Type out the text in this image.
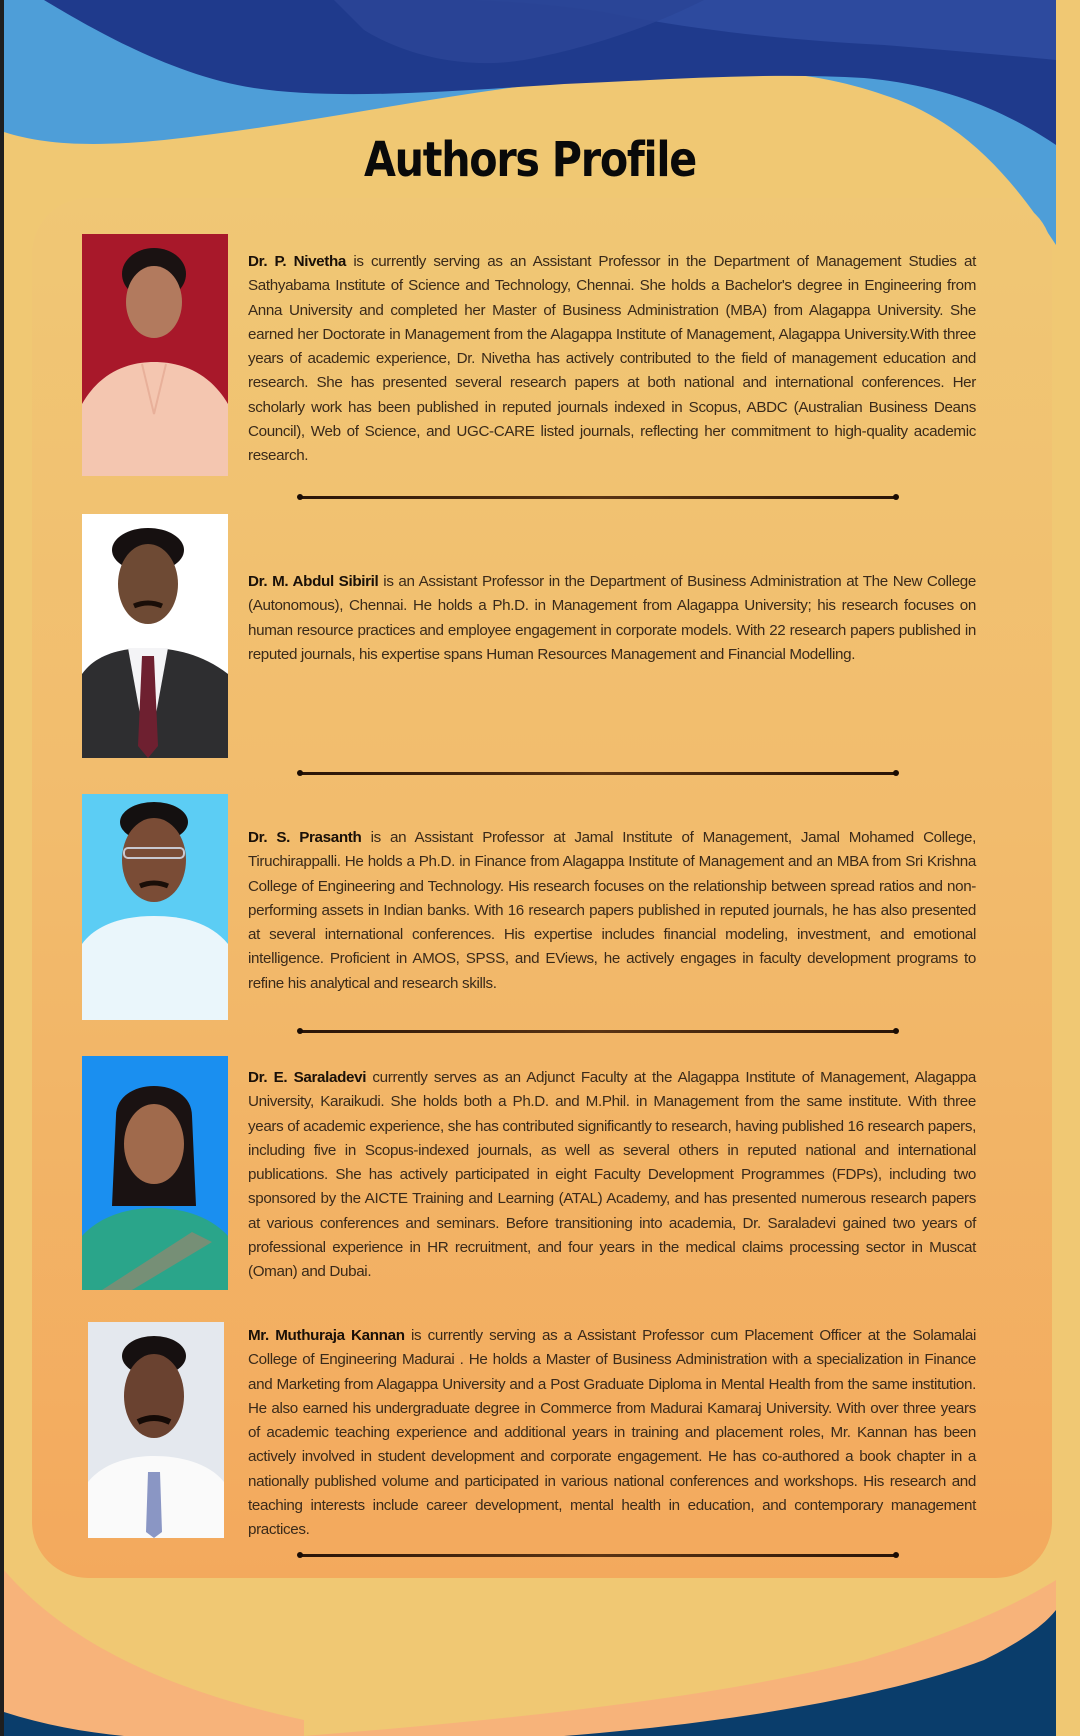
Authors Profile

Dr. P. Nivetha is currently serving as an Assistant Professor in the Department of Management Studies at Sathyabama Institute of Science and Technology, Chennai. She holds a Bachelor's degree in Engineering from Anna University and completed her Master of Business Administration (MBA) from Alagappa University. She earned her Doctorate in Management from the Alagappa Institute of Management, Alagappa University.With three years of academic experience, Dr. Nivetha has actively contributed to the field of management education and research. She has presented several research papers at both national and international conferences. Her scholarly work has been published in reputed journals indexed in Scopus, ABDC (Australian Business Deans Council), Web of Science, and UGC-CARE listed journals, reflecting her commitment to high-quality academic research.

Dr. M. Abdul Sibiril is an Assistant Professor in the Department of Business Administration at The New College (Autonomous), Chennai. He holds a Ph.D. in Management from Alagappa University; his research focuses on human resource practices and employee engagement in corporate models. With 22 research papers published in reputed journals, his expertise spans Human Resources Management and Financial Modelling.

Dr. S. Prasanth is an Assistant Professor at Jamal Institute of Management, Jamal Mohamed College, Tiruchirappalli. He holds a Ph.D. in Finance from Alagappa Institute of Management and an MBA from Sri Krishna College of Engineering and Technology. His research focuses on the relationship between spread ratios and non-performing assets in Indian banks. With 16 research papers published in reputed journals, he has also presented at several international conferences. His expertise includes financial modeling, investment, and emotional intelligence. Proficient in AMOS, SPSS, and EViews, he actively engages in faculty development programs to refine his analytical and research skills.

Dr. E. Saraladevi currently serves as an Adjunct Faculty at the Alagappa Institute of Management, Alagappa University, Karaikudi. She holds both a Ph.D. and M.Phil. in Management from the same institute. With three years of academic experience, she has contributed significantly to research, having published 16 research papers, including five in Scopus-indexed journals, as well as several others in reputed national and international publications. She has actively participated in eight Faculty Development Programmes (FDPs), including two sponsored by the AICTE Training and Learning (ATAL) Academy, and has presented numerous research papers at various conferences and seminars. Before transitioning into academia, Dr. Saraladevi gained two years of professional experience in HR recruitment, and four years in the medical claims processing sector in Muscat (Oman) and Dubai.

Mr. Muthuraja Kannan is currently serving as a Assistant Professor cum Placement Officer at the Solamalai College of Engineering Madurai . He holds a Master of Business Administration with a specialization in Finance and Marketing from Alagappa University and a Post Graduate Diploma in Mental Health from the same institution. He also earned his undergraduate degree in Commerce from Madurai Kamaraj University. With over three years of academic teaching experience and additional years in training and placement roles, Mr. Kannan has been actively involved in student development and corporate engagement. He has co-authored a book chapter in a nationally published volume and participated in various national conferences and workshops. His research and teaching interests include career development, mental health in education, and contemporary management practices.
